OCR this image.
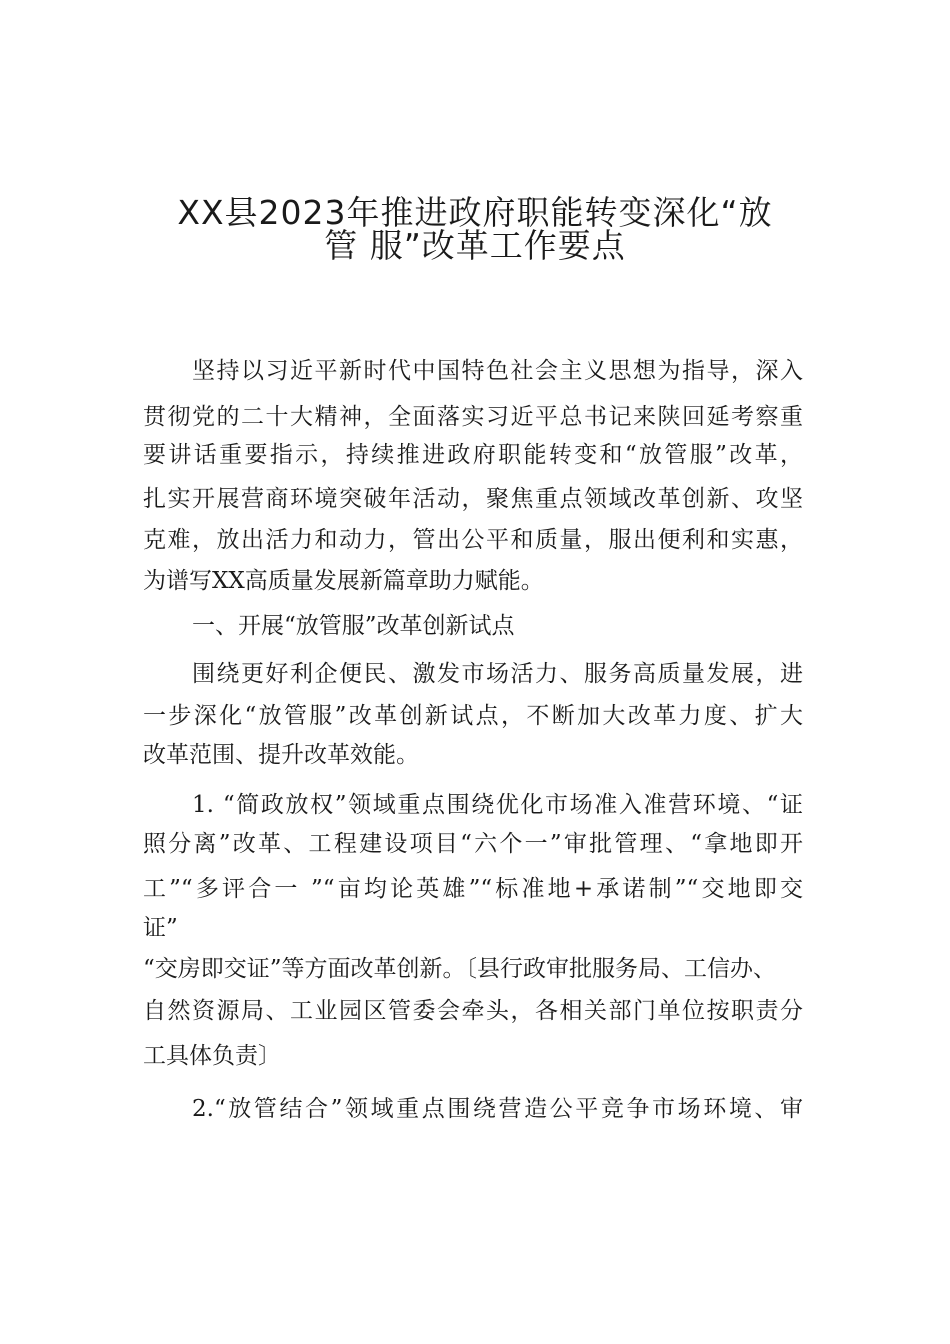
XX县2023年推进政府职能转变深化“放
管 服”改革工作要点
坚持以习近平新时代中国特色社会主义思想为指导，深入
贯彻党的二十大精神，全面落实习近平总书记来陕回延考察重
要讲话重要指示，持续推进政府职能转变和“放管服”改革，
扎实开展营商环境突破年活动，聚焦重点领域改革创新、攻坚
克难，放出活力和动力，管出公平和质量，服出便利和实惠，
为谱写XX高质量发展新篇章助力赋能。
一、开展“放管服”改革创新试点
围绕更好利企便民、激发市场活力、服务高质量发展，进
一步深化“放管服”改革创新试点，不断加大改革力度、扩大
改革范围、提升改革效能。
1. “简政放权”领域重点围绕优化市场准入准营环境、“证
照分离”改革、工程建设项目“六个一”审批管理、“拿地即开
工”“多评合一 ”“亩均论英雄”“标准地+承诺制”“交地即交
证”
“交房即交证”等方面改革创新。〔县行政审批服务局、工信办、
自然资源局、工业园区管委会牵头，各相关部门单位按职责分
工具体负责〕
2.“放管结合”领域重点围绕营造公平竞争市场环境、审
